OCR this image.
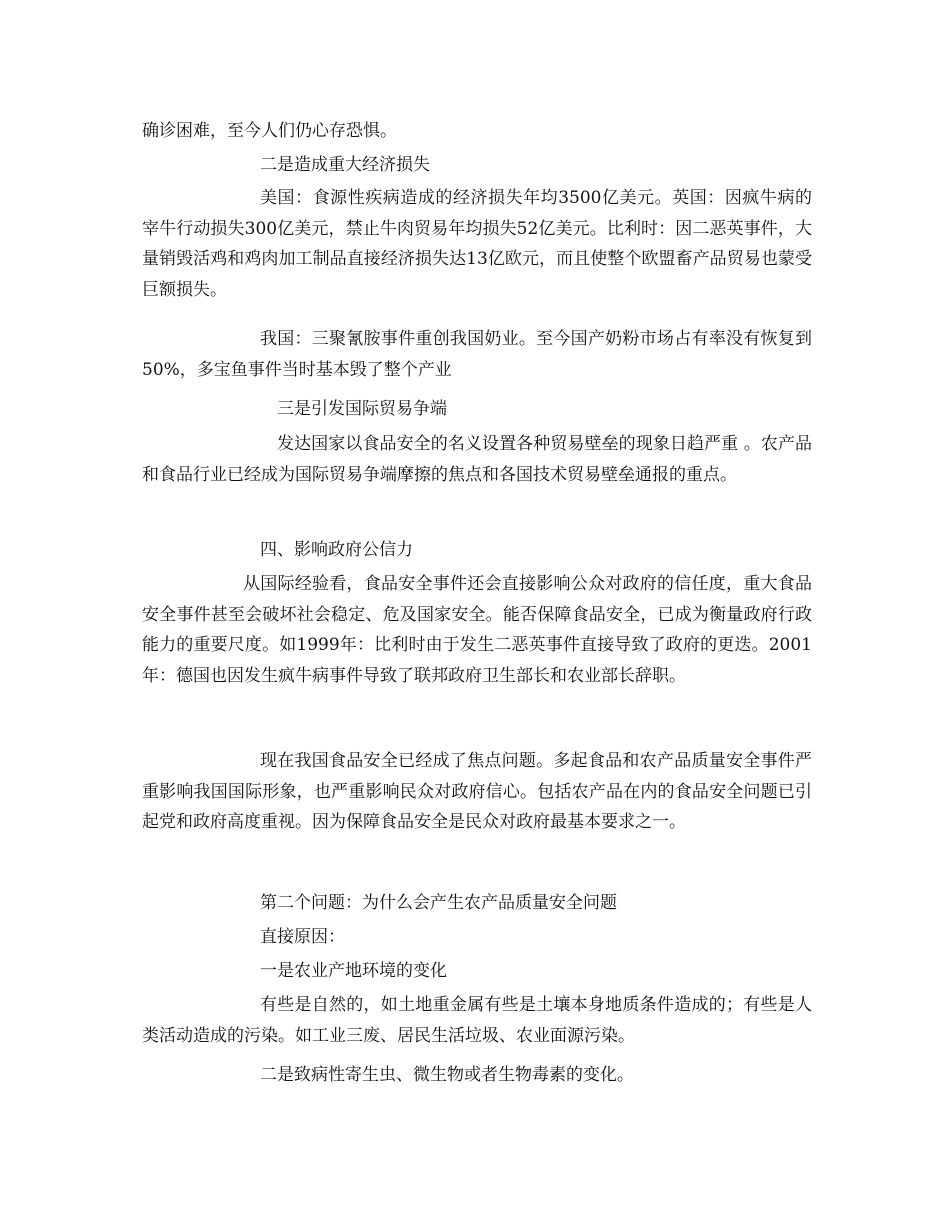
确诊困难，至今人们仍心存恐惧。

二是造成重大经济损失

美国：食源性疾病造成的经济损失年均3500亿美元。英国：因疯牛病的宰牛行动损失300亿美元，禁止牛肉贸易年均损失52亿美元。比利时：因二恶英事件，大量销毁活鸡和鸡肉加工制品直接经济损失达13亿欧元，而且使整个欧盟畜产品贸易也蒙受巨额损失。

我国：三聚氰胺事件重创我国奶业。至今国产奶粉市场占有率没有恢复到50%，多宝鱼事件当时基本毁了整个产业

三是引发国际贸易争端

发达国家以食品安全的名义设置各种贸易壁垒的现象日趋严重 。农产品和食品行业已经成为国际贸易争端摩擦的焦点和各国技术贸易壁垒通报的重点。

四、影响政府公信力

从国际经验看，食品安全事件还会直接影响公众对政府的信任度，重大食品安全事件甚至会破坏社会稳定、危及国家安全。能否保障食品安全，已成为衡量政府行政能力的重要尺度。如1999年：比利时由于发生二恶英事件直接导致了政府的更迭。2001年：德国也因发生疯牛病事件导致了联邦政府卫生部长和农业部长辞职。

现在我国食品安全已经成了焦点问题。多起食品和农产品质量安全事件严重影响我国国际形象，也严重影响民众对政府信心。包括农产品在内的食品安全问题已引起党和政府高度重视。因为保障食品安全是民众对政府最基本要求之一。

第二个问题：为什么会产生农产品质量安全问题

直接原因：

一是农业产地环境的变化

有些是自然的，如土地重金属有些是土壤本身地质条件造成的；有些是人类活动造成的污染。如工业三废、居民生活垃圾、农业面源污染。

二是致病性寄生虫、微生物或者生物毒素的变化。
